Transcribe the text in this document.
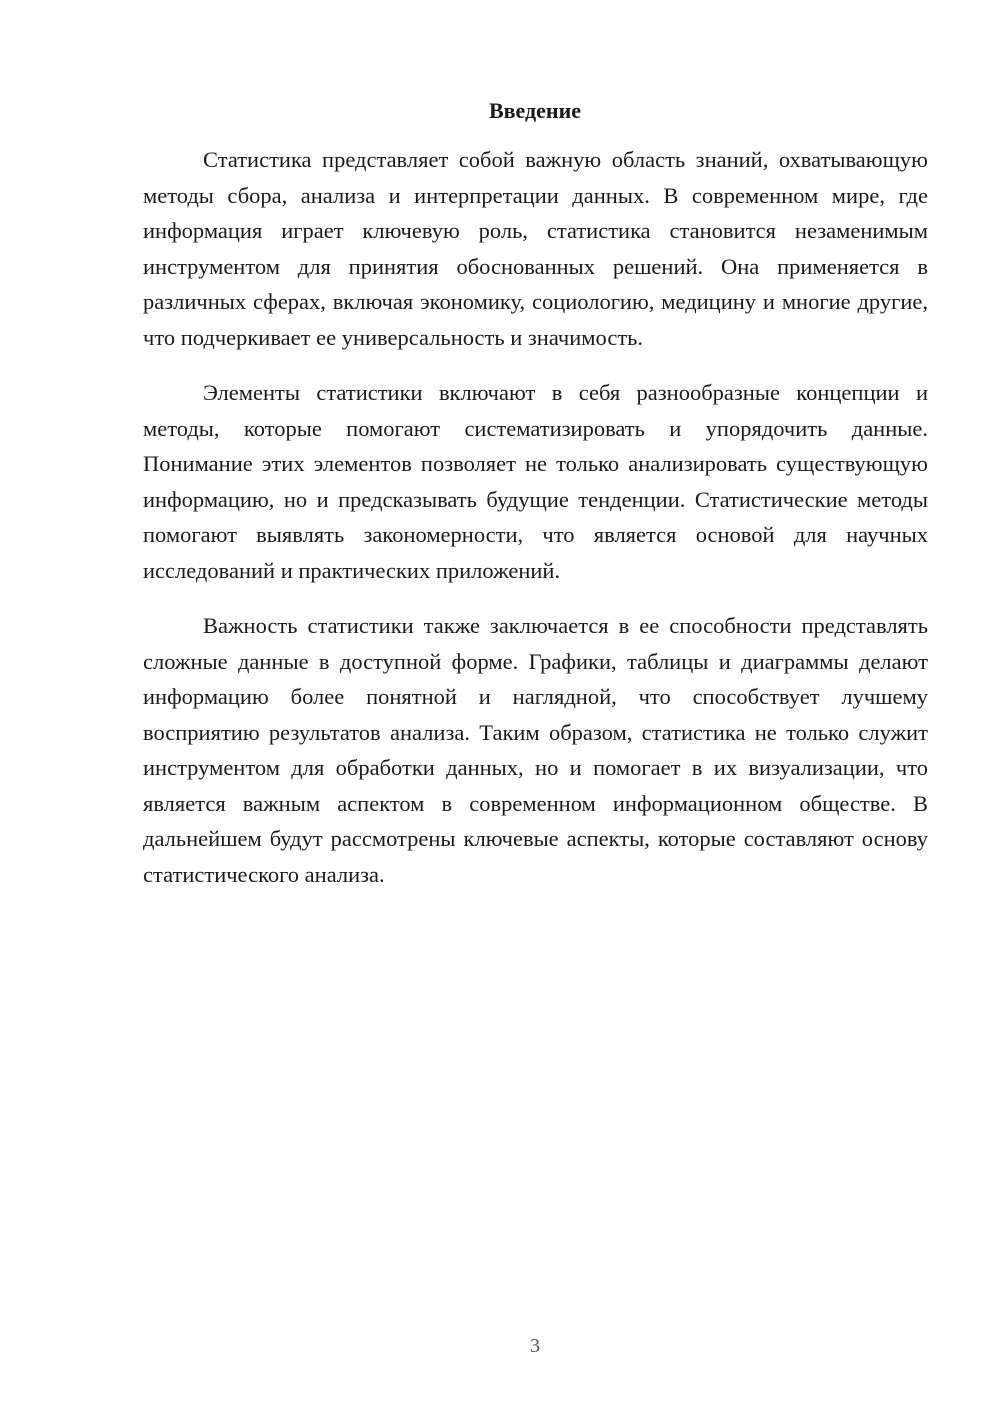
Введение

Статистика представляет собой важную область знаний, охватывающую методы сбора, анализа и интерпретации данных. В современном мире, где информация играет ключевую роль, статистика становится незаменимым инструментом для принятия обоснованных решений. Она применяется в различных сферах, включая экономику, социологию, медицину и многие другие, что подчеркивает ее универсальность и значимость.

Элементы статистики включают в себя разнообразные концепции и методы, которые помогают систематизировать и упорядочить данные. Понимание этих элементов позволяет не только анализировать существующую информацию, но и предсказывать будущие тенденции. Статистические методы помогают выявлять закономерности, что является основой для научных исследований и практических приложений.

Важность статистики также заключается в ее способности представлять сложные данные в доступной форме. Графики, таблицы и диаграммы делают информацию более понятной и наглядной, что способствует лучшему восприятию результатов анализа. Таким образом, статистика не только служит инструментом для обработки данных, но и помогает в их визуализации, что является важным аспектом в современном информационном обществе. В дальнейшем будут рассмотрены ключевые аспекты, которые составляют основу статистического анализа.

3
